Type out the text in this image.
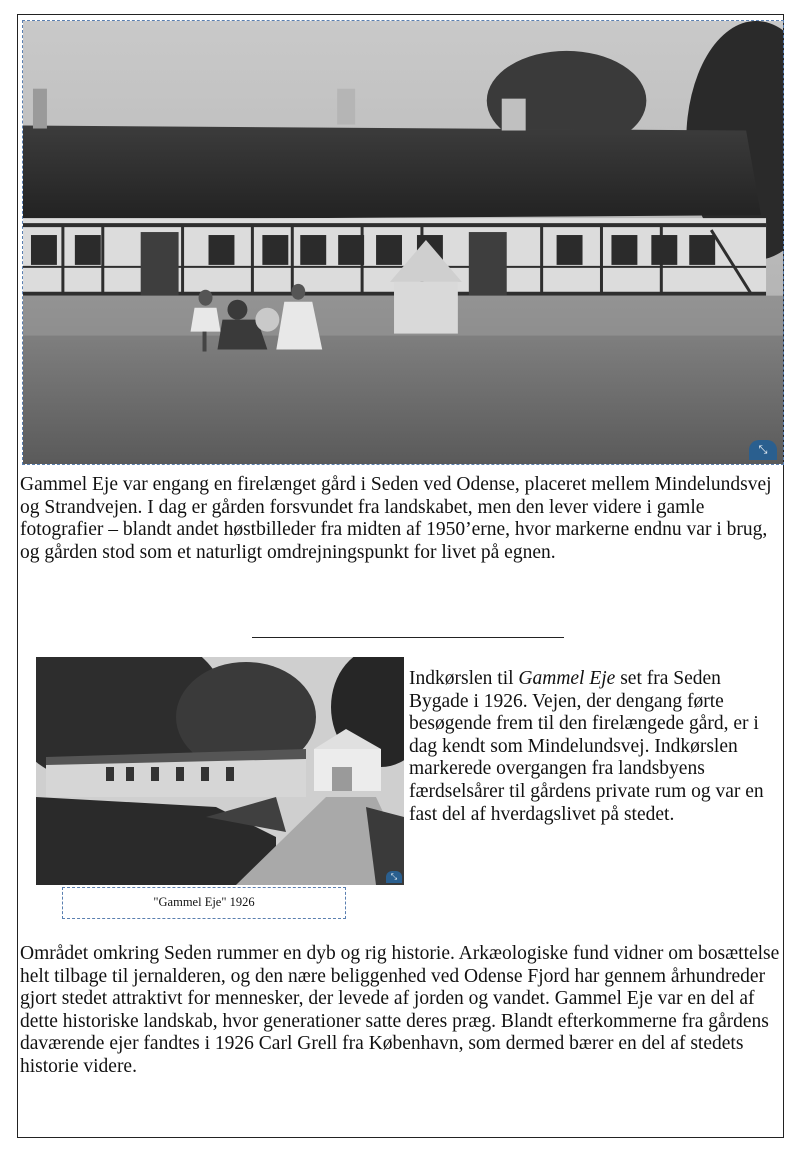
⤡

Gammel Eje var engang en firelænget gård i Seden ved Odense, placeret mellem Mindelundsvej og Strandvejen. I dag er gården forsvundet fra landskabet, men den lever videre i gamle fotografier – blandt andet høstbilleder fra midten af 1950’erne, hvor markerne endnu var i brug, og gården stod som et naturligt omdrejningspunkt for livet på egnen.

⤡
"Gammel Eje" 1926

Indkørslen til Gammel Eje set fra Seden Bygade i 1926. Vejen, der dengang førte besøgende frem til den firelængede gård, er i dag kendt som Mindelundsvej. Indkørslen markerede overgangen fra landsbyens færdselsårer til gårdens private rum og var en fast del af hverdagslivet på stedet.

Området omkring Seden rummer en dyb og rig historie. Arkæologiske fund vidner om bosættelse helt tilbage til jernalderen, og den nære beliggenhed ved Odense Fjord har gennem århundreder gjort stedet attraktivt for mennesker, der levede af jorden og vandet. Gammel Eje var en del af dette historiske landskab, hvor generationer satte deres præg. Blandt efterkommerne fra gårdens daværende ejer fandtes i 1926 Carl Grell fra København, som dermed bærer en del af stedets historie videre.
